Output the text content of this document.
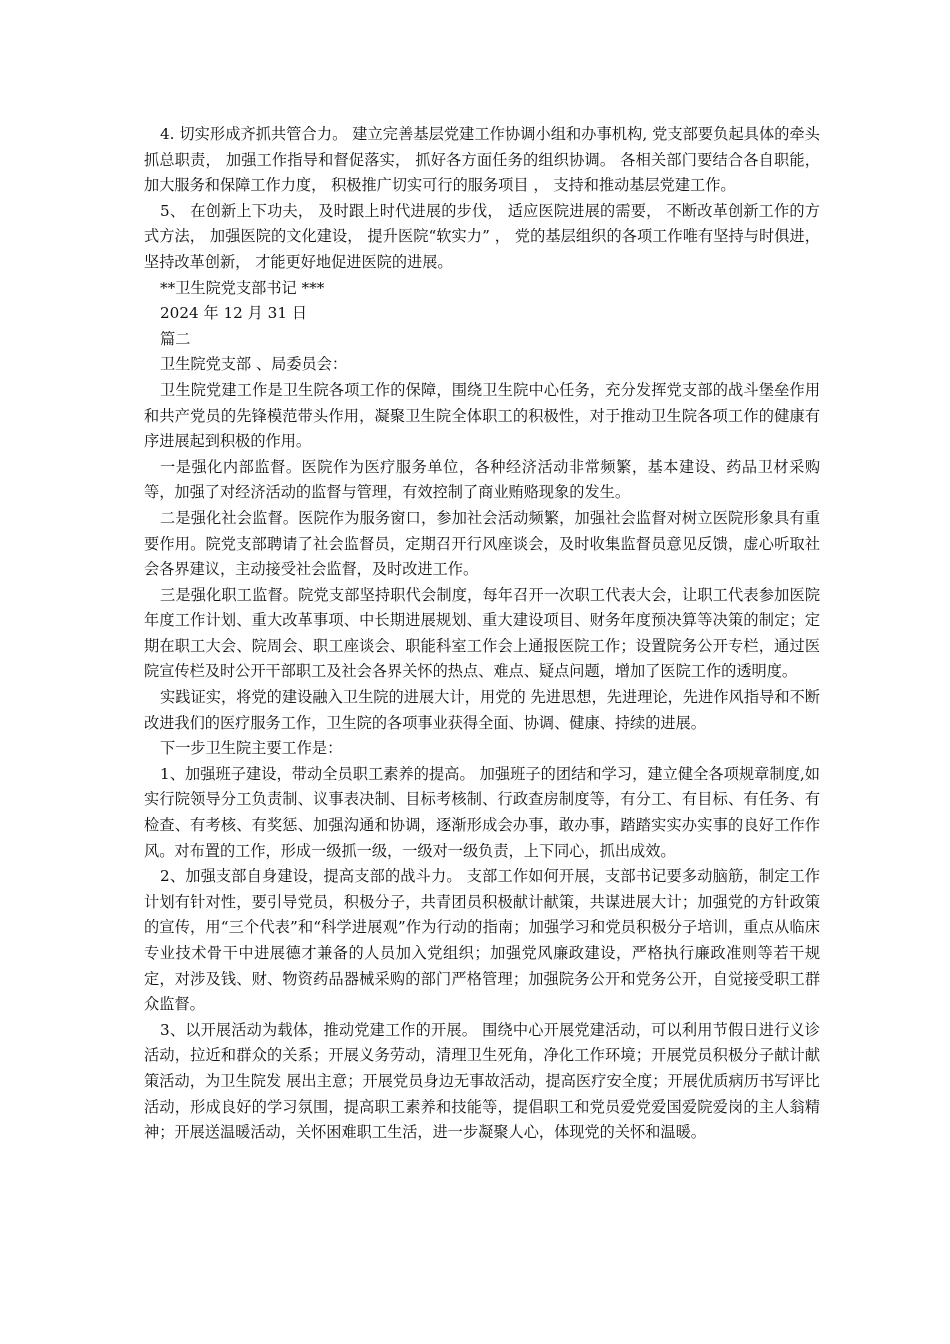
4. 切实形成齐抓共管合力。 建立完善基层党建工作协调小组和办事机构, 党支部要负起具体的牵头抓总职责， 加强工作指导和督促落实， 抓好各方面任务的组织协调。 各相关部门要结合各自职能， 加大服务和保障工作力度， 积极推广切实可行的服务项目 ， 支持和推动基层党建工作。

5、 在创新上下功夫， 及时跟上时代进展的步伐， 适应医院进展的需要， 不断改革创新工作的方式方法， 加强医院的文化建设， 提升医院“软实力” ， 党的基层组织的各项工作唯有坚持与时俱进， 坚持改革创新， 才能更好地促进医院的进展。

**卫生院党支部书记 ***

2024 年 12 月 31 日

篇二

卫生院党支部 、局委员会：

卫生院党建工作是卫生院各项工作的保障，围绕卫生院中心任务，充分发挥党支部的战斗堡垒作用和共产党员的先锋模范带头作用，凝聚卫生院全体职工的积极性，对于推动卫生院各项工作的健康有序进展起到积极的作用。

一是强化内部监督。医院作为医疗服务单位，各种经济活动非常频繁，基本建设、药品卫材采购等，加强了对经济活动的监督与管理，有效控制了商业贿赂现象的发生。

二是强化社会监督。医院作为服务窗口，参加社会活动频繁，加强社会监督对树立医院形象具有重要作用。院党支部聘请了社会监督员，定期召开行风座谈会，及时收集监督员意见反馈，虚心听取社会各界建议，主动接受社会监督，及时改进工作。

三是强化职工监督。院党支部坚持职代会制度，每年召开一次职工代表大会，让职工代表参加医院年度工作计划、重大改革事项、中长期进展规划、重大建设项目、财务年度预决算等决策的制定；定期在职工大会、院周会、职工座谈会、职能科室工作会上通报医院工作；设置院务公开专栏，通过医院宣传栏及时公开干部职工及社会各界关怀的热点、难点、疑点问题，增加了医院工作的透明度。

实践证实，将党的建设融入卫生院的进展大计，用党的 先进思想，先进理论，先进作风指导和不断改进我们的医疗服务工作，卫生院的各项事业获得全面、协调、健康、持续的进展。

下一步卫生院主要工作是：

1、加强班子建设，带动全员职工素养的提高。 加强班子的团结和学习，建立健全各项规章制度,如实行院领导分工负责制、议事表决制、目标考核制、行政查房制度等，有分工、有目标、有任务、有检查、有考核、有奖惩、加强沟通和协调，逐渐形成会办事，敢办事，踏踏实实办实事的良好工作作风。对布置的工作，形成一级抓一级，一级对一级负责，上下同心，抓出成效。

2、加强支部自身建设，提高支部的战斗力。 支部工作如何开展，支部书记要多动脑筋，制定工作计划有针对性，要引导党员，积极分子，共青团员积极献计献策，共谋进展大计；加强党的方针政策的宣传，用“三个代表”和“科学进展观”作为行动的指南；加强学习和党员积极分子培训，重点从临床专业技术骨干中进展德才兼备的人员加入党组织；加强党风廉政建设，严格执行廉政准则等若干规定，对涉及钱、财、物资药品器械采购的部门严格管理；加强院务公开和党务公开，自觉接受职工群众监督。

3、以开展活动为载体，推动党建工作的开展。 围绕中心开展党建活动，可以利用节假日进行义诊活动，拉近和群众的关系；开展义务劳动，清理卫生死角，净化工作环境；开展党员积极分子献计献策活动，为卫生院发 展出主意；开展党员身边无事故活动，提高医疗安全度；开展优质病历书写评比活动，形成良好的学习氛围，提高职工素养和技能等，提倡职工和党员爱党爱国爱院爱岗的主人翁精神；开展送温暖活动，关怀困难职工生活，进一步凝聚人心，体现党的关怀和温暖。
